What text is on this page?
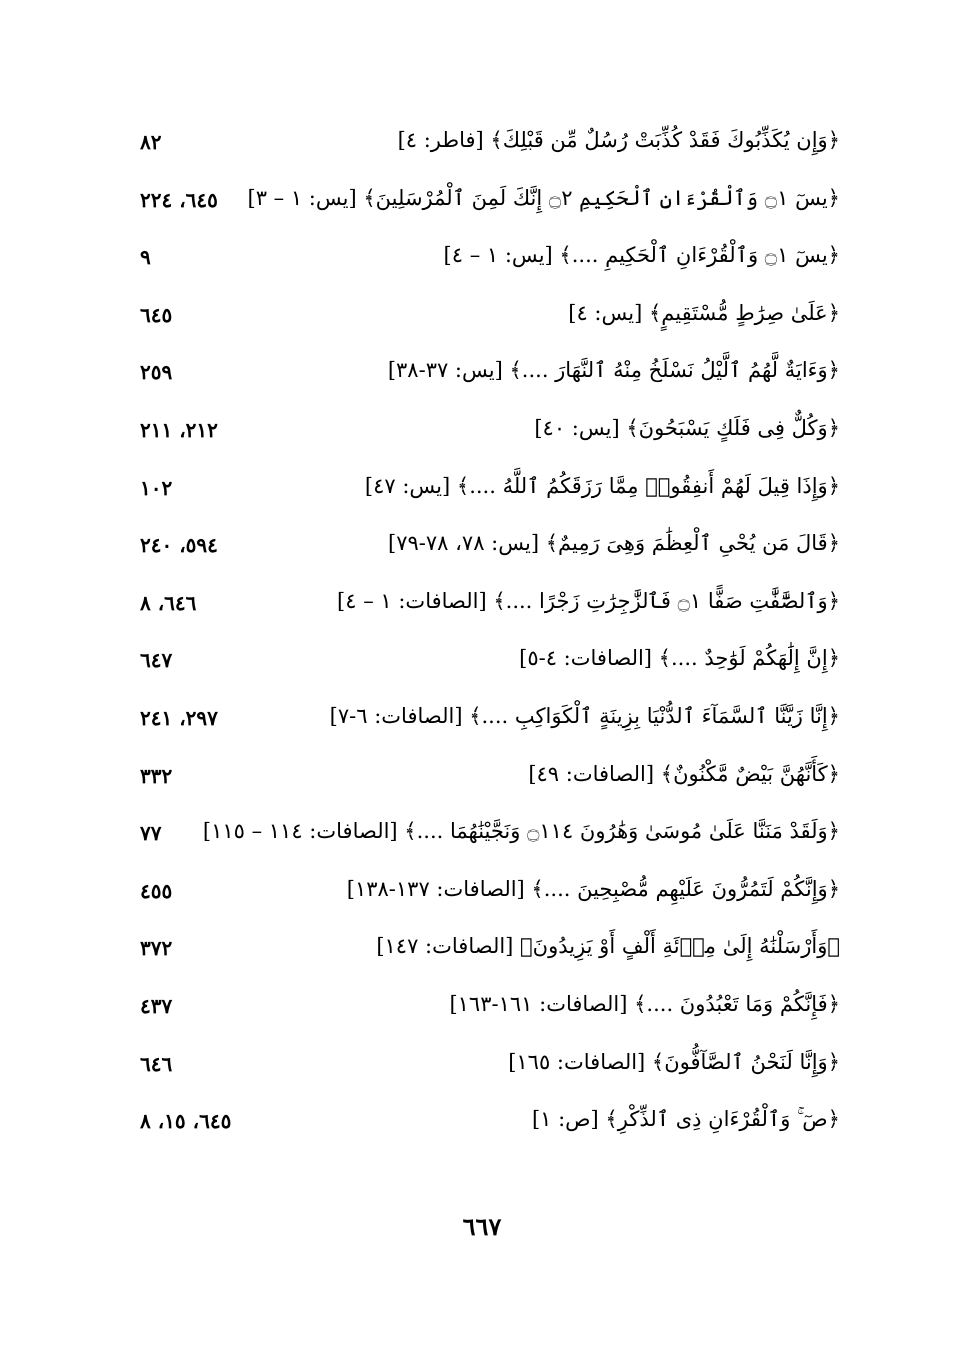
﴿وَإِن يُكَذِّبُوكَ فَقَدْ كُذِّبَتْ رُسُلٌ مِّن قَبْلِكَ﴾ [فاطر: ٤]
٨٢
﴿يسٓ ۝١ وَٱلْقُرْءَانِ ٱلْحَكِيمِ ۝٢ إِنَّكَ لَمِنَ ٱلْمُرْسَلِينَ﴾ [يس: ١ – ٣]
٦٤٥، ٢٢٤
﴿يسٓ ۝١ وَٱلْقُرْءَانِ ٱلْحَكِيمِ ....﴾ [يس: ١ – ٤]
٩
﴿عَلَىٰ صِرَٰطٍ مُّسْتَقِيمٍ﴾ [يس: ٤]
٦٤٥
﴿وَءَايَةٌ لَّهُمُ ٱلَّيْلُ نَسْلَخُ مِنْهُ ٱلنَّهَارَ ....﴾ [يس: ٣٧-٣٨]
٢٥٩
﴿وَكُلٌّ فِى فَلَكٍ يَسْبَحُونَ﴾ [يس: ٤٠]
٢١٢، ٢١١
﴿وَإِذَا قِيلَ لَهُمْ أَنفِقُوا۟ مِمَّا رَزَقَكُمُ ٱللَّهُ ....﴾ [يس: ٤٧]
١٠٢
﴿قَالَ مَن يُحْىِ ٱلْعِظَٰمَ وَهِىَ رَمِيمٌ﴾ [يس: ٧٨، ٧٨-٧٩]
٥٩٤، ٢٤٠
﴿وَٱلصَّٰٓفَّٰتِ صَفًّا ۝١ فَٱلزَّٰجِرَٰتِ زَجْرًا ....﴾ [الصافات: ١ – ٤]
٦٤٦، ٨
﴿إِنَّ إِلَٰهَكُمْ لَوَٰحِدٌ ....﴾ [الصافات: ٤-٥]
٦٤٧
﴿إِنَّا زَيَّنَّا ٱلسَّمَآءَ ٱلدُّنْيَا بِزِينَةٍ ٱلْكَوَاكِبِ ....﴾ [الصافات: ٦-٧]
٢٩٧، ٢٤١
﴿كَأَنَّهُنَّ بَيْضٌ مَّكْنُونٌ﴾ [الصافات: ٤٩]
٣٣٢
﴿وَلَقَدْ مَنَنَّا عَلَىٰ مُوسَىٰ وَهَٰرُونَ ۝١١٤ وَنَجَّيْنَٰهُمَا ....﴾ [الصافات: ١١٤ – ١١٥]
٧٧
﴿وَإِنَّكُمْ لَتَمُرُّونَ عَلَيْهِم مُّصْبِحِينَ ....﴾ [الصافات: ١٣٧-١٣٨]
٤٥٥
﴿وَأَرْسَلْنَٰهُ إِلَىٰ مِا۟ئَةِ أَلْفٍ أَوْ يَزِيدُونَ﴾ [الصافات: ١٤٧]
٣٧٢
﴿فَإِنَّكُمْ وَمَا تَعْبُدُونَ ....﴾ [الصافات: ١٦١-١٦٣]
٤٣٧
﴿وَإِنَّا لَنَحْنُ ٱلصَّآفُّونَ﴾ [الصافات: ١٦٥]
٦٤٦
﴿صٓ ۚ وَٱلْقُرْءَانِ ذِى ٱلذِّكْرِ﴾ [ص: ١]
٦٤٥، ١٥، ٨
٦٦٧
